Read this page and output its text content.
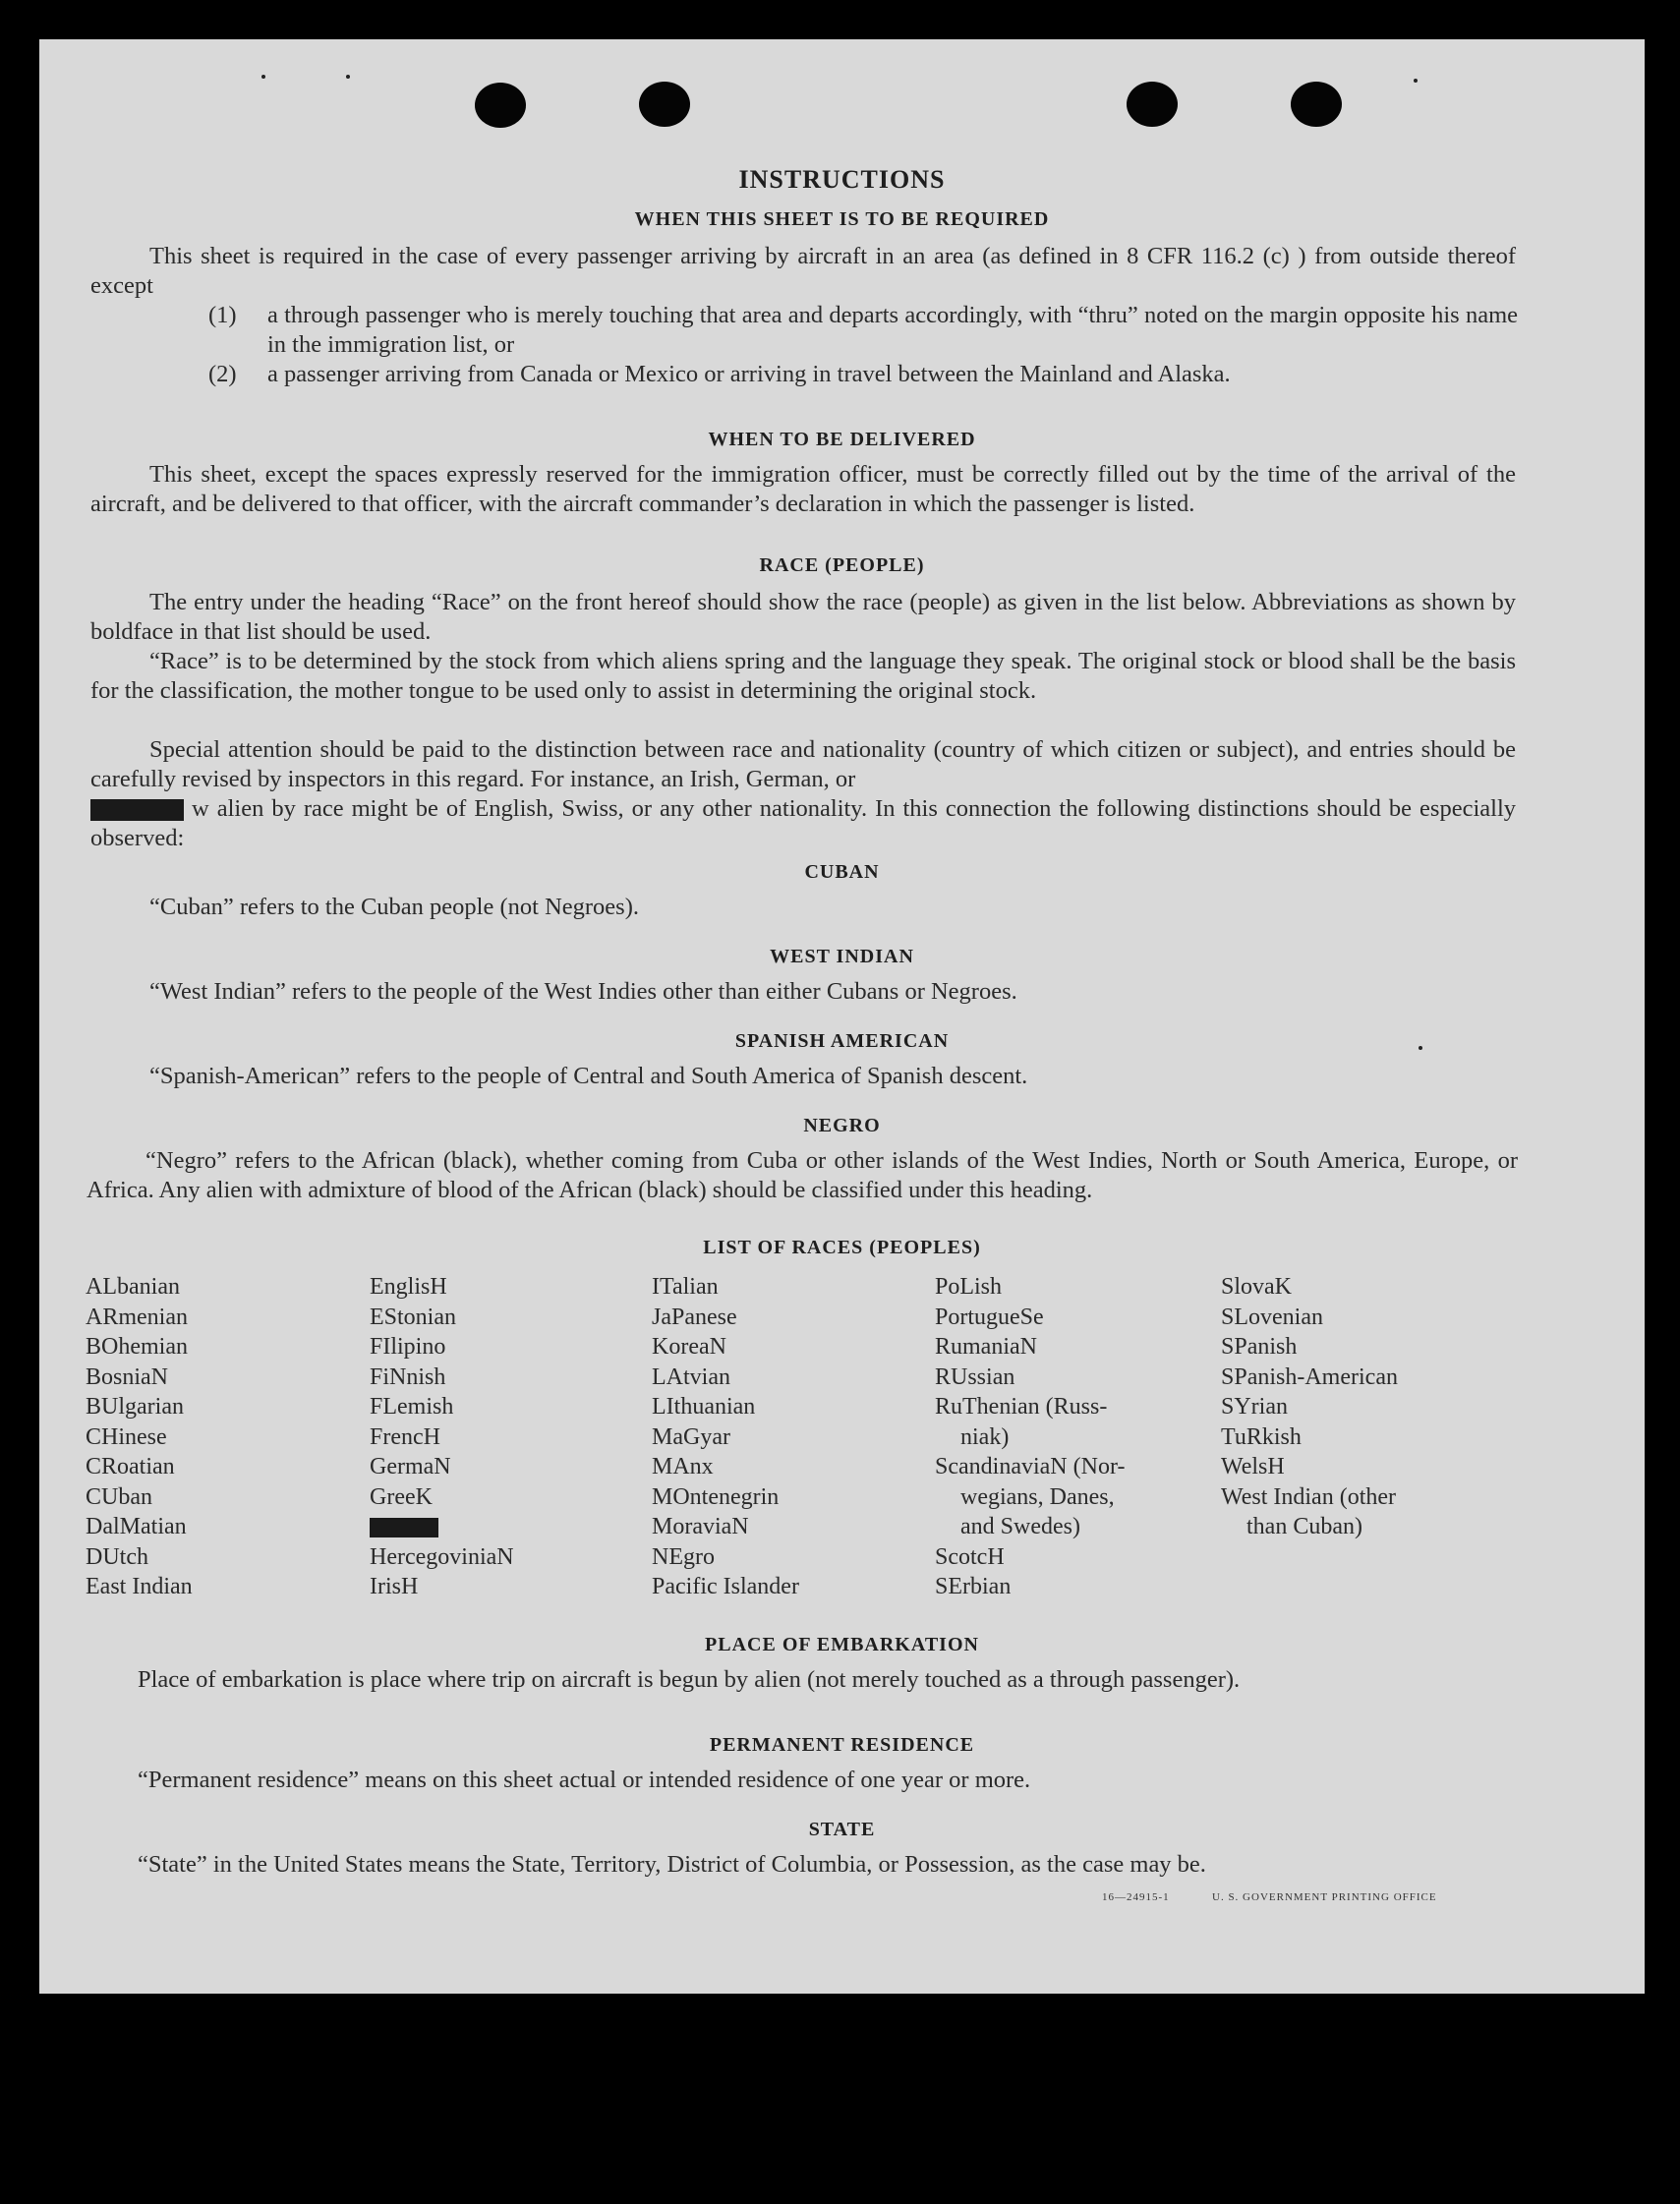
INSTRUCTIONS
WHEN THIS SHEET IS TO BE REQUIRED
This sheet is required in the case of every passenger arriving by aircraft in an area (as defined in 8 CFR 116.2 (c) ) from outside thereof except
(1) a through passenger who is merely touching that area and departs accordingly, with “thru” noted on the margin opposite his name in the immigration list, or
(2) a passenger arriving from Canada or Mexico or arriving in travel between the Mainland and Alaska.
WHEN TO BE DELIVERED
This sheet, except the spaces expressly reserved for the immigration officer, must be correctly filled out by the time of the arrival of the aircraft, and be delivered to that officer, with the aircraft commander’s declaration in which the passenger is listed.
RACE (PEOPLE)
The entry under the heading “Race” on the front hereof should show the race (people) as given in the list below. Abbreviations as shown by boldface in that list should be used.
“Race” is to be determined by the stock from which aliens spring and the language they speak. The original stock or blood shall be the basis for the classification, the mother tongue to be used only to assist in determining the original stock.
Special attention should be paid to the distinction between race and nationality (country of which citizen or subject), and entries should be carefully revised by inspectors in this regard. For instance, an Irish, German, or
w alien by race might be of English, Swiss, or any other nationality. In this connection the following distinctions should be especially observed:
CUBAN
“Cuban” refers to the Cuban people (not Negroes).
WEST INDIAN
“West Indian” refers to the people of the West Indies other than either Cubans or Negroes.
SPANISH AMERICAN
“Spanish-American” refers to the people of Central and South America of Spanish descent.
NEGRO
“Negro” refers to the African (black), whether coming from Cuba or other islands of the West Indies, North or South America, Europe, or Africa. Any alien with admixture of blood of the African (black) should be classified under this heading.
LIST OF RACES (PEOPLES)
ALbanian
ARmenian
BOhemian
BosniaN
BUlgarian
CHinese
CRoatian
CUban
DalMatian
DUtch
East Indian
EnglisH
EStonian
FIlipino
FiNnish
FLemish
FrencH
GermaN
GreeK
HercegoviniaN
IrisH
ITalian
JaPanese
KoreaN
LAtvian
LIthuanian
MaGyar
MAnx
MOntenegrin
MoraviaN
NEgro
Pacific Islander
PoLish
PortugueSe
RumaniaN
RUssian
RuThenian (Russ-
niak)
ScandinaviaN (Nor-
wegians, Danes,
and Swedes)
ScotcH
SErbian
SlovaK
SLovenian
SPanish
SPanish-American
SYrian
TuRkish
WelsH
West Indian (other
than Cuban)
PLACE OF EMBARKATION
Place of embarkation is place where trip on aircraft is begun by alien (not merely touched as a through passenger).
PERMANENT RESIDENCE
“Permanent residence” means on this sheet actual or intended residence of one year or more.
STATE
“State” in the United States means the State, Territory, District of Columbia, or Possession, as the case may be.
16—24915-1	U. S. GOVERNMENT PRINTING OFFICE
